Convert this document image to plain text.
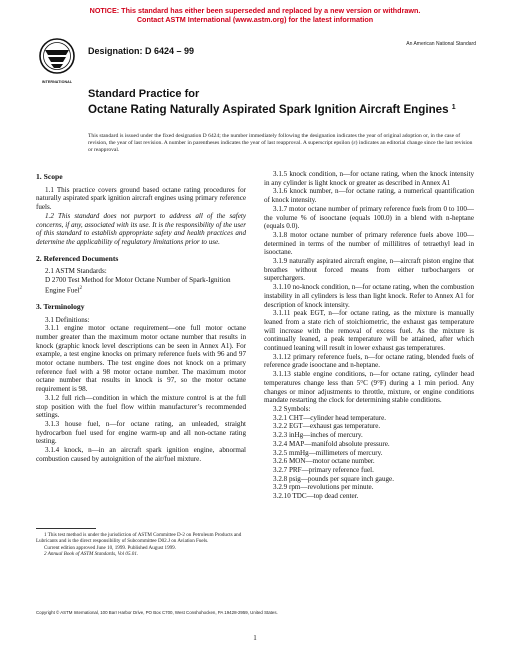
NOTICE: This standard has either been superseded and replaced by a new version or withdrawn.
Contact ASTM International (www.astm.org) for the latest information
INTERNATIONAL
Designation: D 6424 – 99
An American National Standard
Standard Practice for
Octane Rating Naturally Aspirated Spark Ignition Aircraft Engines $^1$
This standard is issued under the fixed designation D 6424; the number immediately following the designation indicates the year of original adoption or, in the case of revision, the year of last revision. A number in parentheses indicates the year of last reapproval. A superscript epsilon (ε) indicates an editorial change since the last revision or reapproval.
1. Scope
1.1 This practice covers ground based octane rating procedures for naturally aspirated spark ignition aircraft engines using primary reference fuels.
1.2 This standard does not purport to address all of the safety concerns, if any, associated with its use. It is the responsibility of the user of this standard to establish appropriate safety and health practices and determine the applicability of regulatory limitations prior to use.
2. Referenced Documents
2.1 ASTM Standards:
D 2700 Test Method for Motor Octane Number of Spark-Ignition Engine Fuel$^2$
3. Terminology
3.1 Definitions:
3.1.1 engine motor octane requirement—one full motor octane number greater than the maximum motor octane number that results in knock (graphic knock level descriptions can be seen in Annex A1). For example, a test engine knocks on primary reference fuels with 96 and 97 motor octane numbers. The test engine does not knock on a primary reference fuel with a 98 motor octane number. The maximum motor octane number that results in knock is 97, so the motor octane requirement is 98.
3.1.2 full rich—condition in which the mixture control is at the full stop position with the fuel flow within manufacturer’s recommended settings.
3.1.3 house fuel, n—for octane rating, an unleaded, straight hydrocarbon fuel used for engine warm-up and all non-octane rating testing.
3.1.4 knock, n—in an aircraft spark ignition engine, abnormal combustion caused by autoignition of the air/fuel mixture.
3.1.5 knock condition, n—for octane rating, when the knock intensity in any cylinder is light knock or greater as described in Annex A1
3.1.6 knock number, n—for octane rating, a numerical quantification of knock intensity.
3.1.7 motor octane number of primary reference fuels from 0 to 100—the volume % of isooctane (equals 100.0) in a blend with n-heptane (equals 0.0).
3.1.8 motor octane number of primary reference fuels above 100—determined in terms of the number of millilitres of tetraethyl lead in isooctane.
3.1.9 naturally aspirated aircraft engine, n—aircraft piston engine that breathes without forced means from either turbochargers or superchargers.
3.1.10 no-knock condition, n—for octane rating, when the combustion instability in all cylinders is less than light knock. Refer to Annex A1 for description of knock intensity.
3.1.11 peak EGT, n—for octane rating, as the mixture is manually leaned from a state rich of stoichiometric, the exhaust gas temperature will increase with the removal of excess fuel. As the mixture is continually leaned, a peak temperature will be attained, after which continued leaning will result in lower exhaust gas temperatures.
3.1.12 primary reference fuels, n—for octane rating, blended fuels of reference grade isooctane and n-heptane.
3.1.13 stable engine conditions, n—for octane rating, cylinder head temperatures change less than 5°C (9°F) during a 1 min period. Any changes or minor adjustments to throttle, mixture, or engine conditions mandate restarting the clock for determining stable conditions.
3.2 Symbols:
3.2.1 CHT—cylinder head temperature.
3.2.2 EGT—exhaust gas temperature.
3.2.3 inHg—inches of mercury.
3.2.4 MAP—manifold absolute pressure.
3.2.5 mmHg—millimeters of mercury.
3.2.6 MON—motor octane number.
3.2.7 PRF—primary reference fuel.
3.2.8 psig—pounds per square inch gauge.
3.2.9 rpm—revolutions per minute.
3.2.10 TDC—top dead center.
1 This test method is under the jurisdiction of ASTM Committee D-2 on Petroleum Products and Lubricants and is the direct responsibility of Subcommittee D02.J on Aviation Fuels.
Current edition approved June 10, 1999. Published August 1999.
2 Annual Book of ASTM Standards, Vol 05.01.
Copyright © ASTM International, 100 Barr Harbor Drive, PO Box C700, West Conshohocken, PA 19428-2959, United States.
1
